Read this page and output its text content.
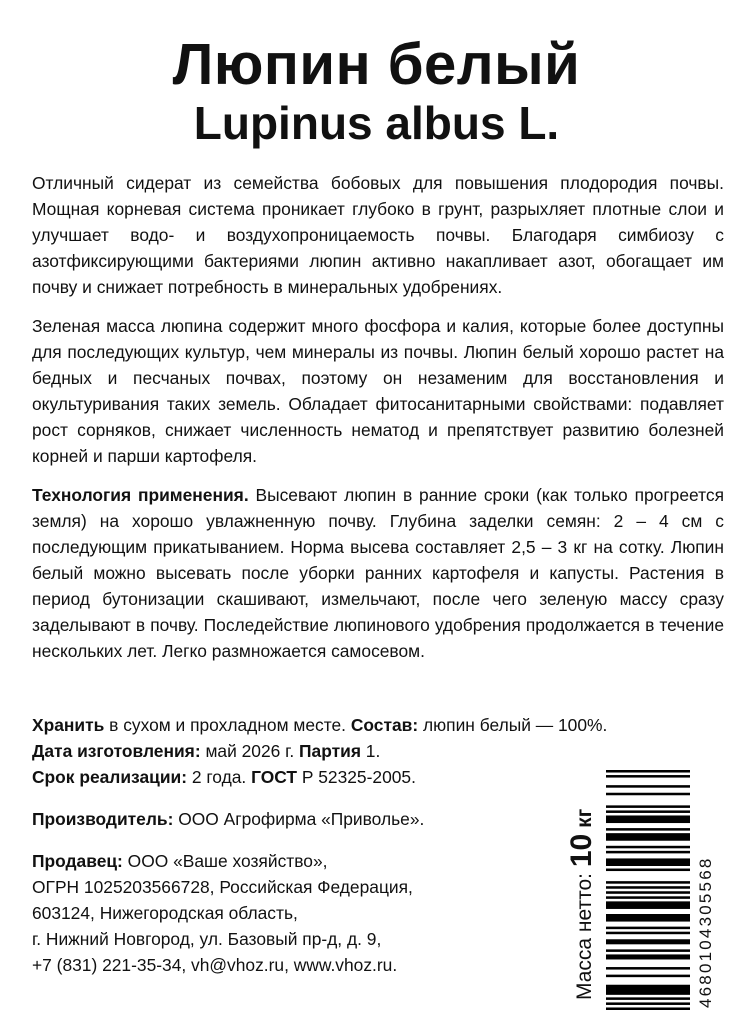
Люпин белый
Lupinus albus L.

Отличный сидерат из семейства бобовых для повышения плодородия почвы. Мощная корневая система проникает глубоко в грунт, разрыхляет плотные слои и улучшает водо- и воздухопроницаемость почвы. Благодаря симбиозу с азотфиксирующими бактериями люпин активно накапливает азот, обогащает им почву и снижает потребность в минеральных удобрениях.

Зеленая масса люпина содержит много фосфора и калия, которые более доступны для последующих культур, чем минералы из почвы. Люпин белый хорошо растет на бедных и песчаных почвах, поэтому он незаменим для восстановления и окультуривания таких земель. Обладает фитосанитарными свойствами: подавляет рост сорняков, снижает численность нематод и препятствует развитию болезней корней и парши картофеля.

Технология применения. Высевают люпин в ранние сроки (как только прогреется земля) на хорошо увлажненную почву. Глубина заделки семян: 2 – 4 см с последующим прикатыванием. Норма высева составляет 2,5 – 3 кг на сотку. Люпин белый можно высевать после уборки ранних картофеля и капусты. Растения в период бутонизации скашивают, измельчают, после чего зеленую массу сразу заделывают в почву. Последействие люпинового удобрения продолжается в течение нескольких лет. Легко размножается самосевом.

Хранить в сухом и прохладном месте. Состав: люпин белый — 100%.

Дата изготовления: май 2026 г. Партия 1.

Срок реализации: 2 года. ГОСТ Р 52325-2005.

Производитель: ООО Агрофирма «Приволье».

Продавец: ООО «Ваше хозяйство»,

ОГРН 1025203566728, Российская Федерация,

603124, Нижегородская область,

г. Нижний Новгород, ул. Базовый пр-д, д. 9,

+7 (831) 221-35-34, vh@vhoz.ru, www.vhoz.ru.	Масса нетто: 10 кг
4680104305568
